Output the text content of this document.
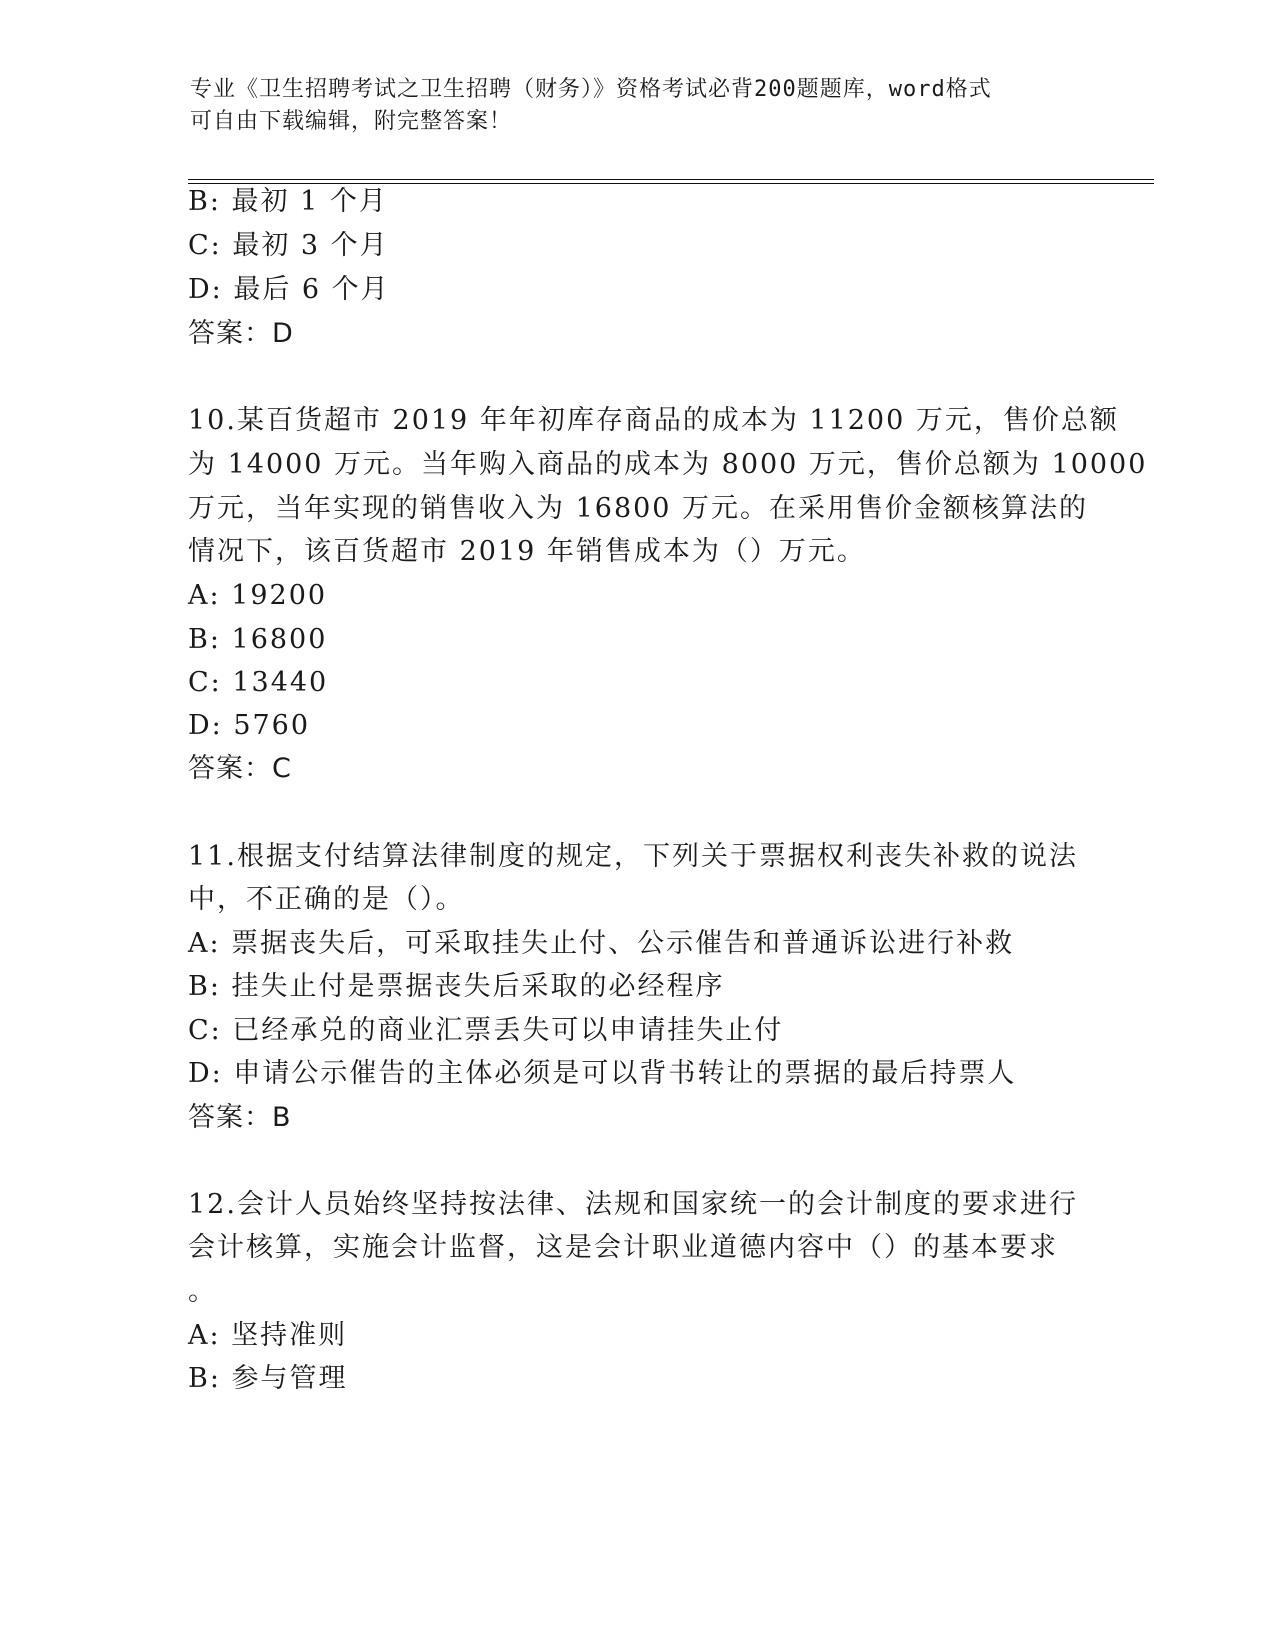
专业《卫生招聘考试之卫生招聘（财务）》资格考试必背200题题库，word格式
可自由下载编辑，附完整答案！
B: 最初 1 个月
C: 最初 3 个月
D: 最后 6 个月
答案：D
10.某百货超市 2019 年年初库存商品的成本为 11200 万元，售价总额
为 14000 万元。当年购入商品的成本为 8000 万元，售价总额为 10000
万元，当年实现的销售收入为 16800 万元。在采用售价金额核算法的
情况下，该百货超市 2019 年销售成本为（）万元。
A: 19200
B: 16800
C: 13440
D: 5760
答案：C
11.根据支付结算法律制度的规定，下列关于票据权利丧失补救的说法
中，不正确的是（）。
A: 票据丧失后，可采取挂失止付、公示催告和普通诉讼进行补救
B: 挂失止付是票据丧失后采取的必经程序
C: 已经承兑的商业汇票丢失可以申请挂失止付
D: 申请公示催告的主体必须是可以背书转让的票据的最后持票人
答案：B
12.会计人员始终坚持按法律、法规和国家统一的会计制度的要求进行
会计核算，实施会计监督，这是会计职业道德内容中（）的基本要求
。
A: 坚持准则
B: 参与管理
